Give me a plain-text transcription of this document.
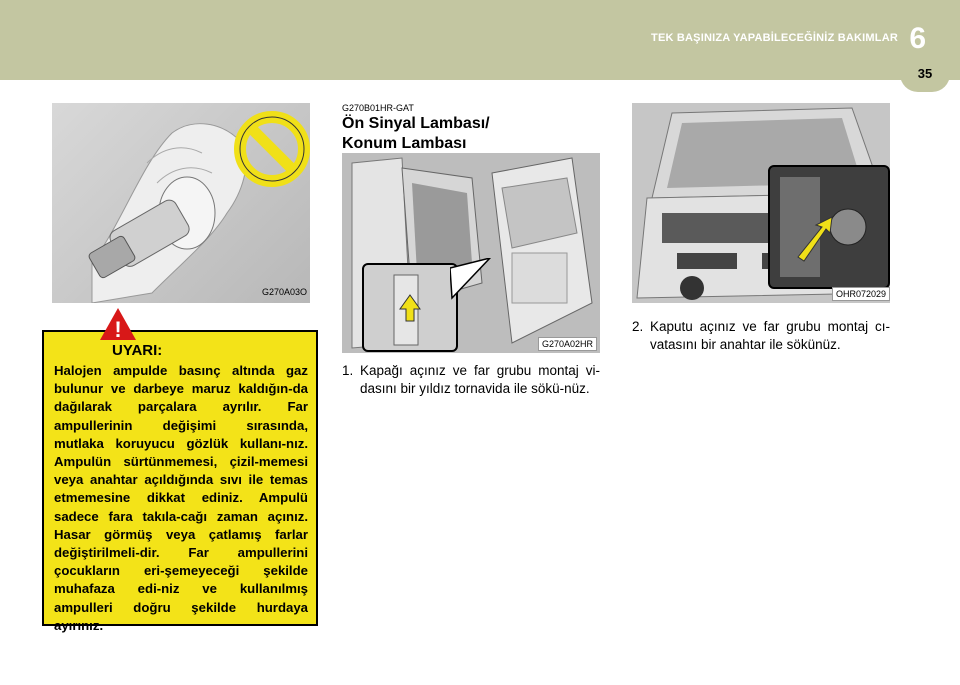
TEK BAŞINIZA YAPABİLECEĞİNİZ BAKIMLAR 6
35
G270A03O
UYARI:
Halojen ampulde basınç altında gaz bulunur ve darbeye maruz kaldığın-da dağılarak parçalara ayrılır. Far ampullerinin değişimi sırasında, mutlaka koruyucu gözlük kullanı-nız. Ampulün sürtünmemesi, çizil-memesi veya anahtar açıldığında sıvı ile temas etmemesine dikkat ediniz. Ampulü sadece fara takıla-cağı zaman açınız. Hasar görmüş veya çatlamış farlar değiştirilmeli-dir. Far ampullerini çocukların eri-şemeyeceği şekilde muhafaza edi-niz ve kullanılmış ampulleri doğru şekilde hurdaya ayırınız.
!
G270B01HR-GAT
Ön Sinyal Lambası/
Konum Lambası
G270A02HR
1. Kapağı açınız ve far grubu montaj vi-dasını bir yıldız tornavida ile sökü-nüz.
OHR072029
2. Kaputu açınız ve far grubu montaj cı-vatasını bir anahtar ile sökünüz.
